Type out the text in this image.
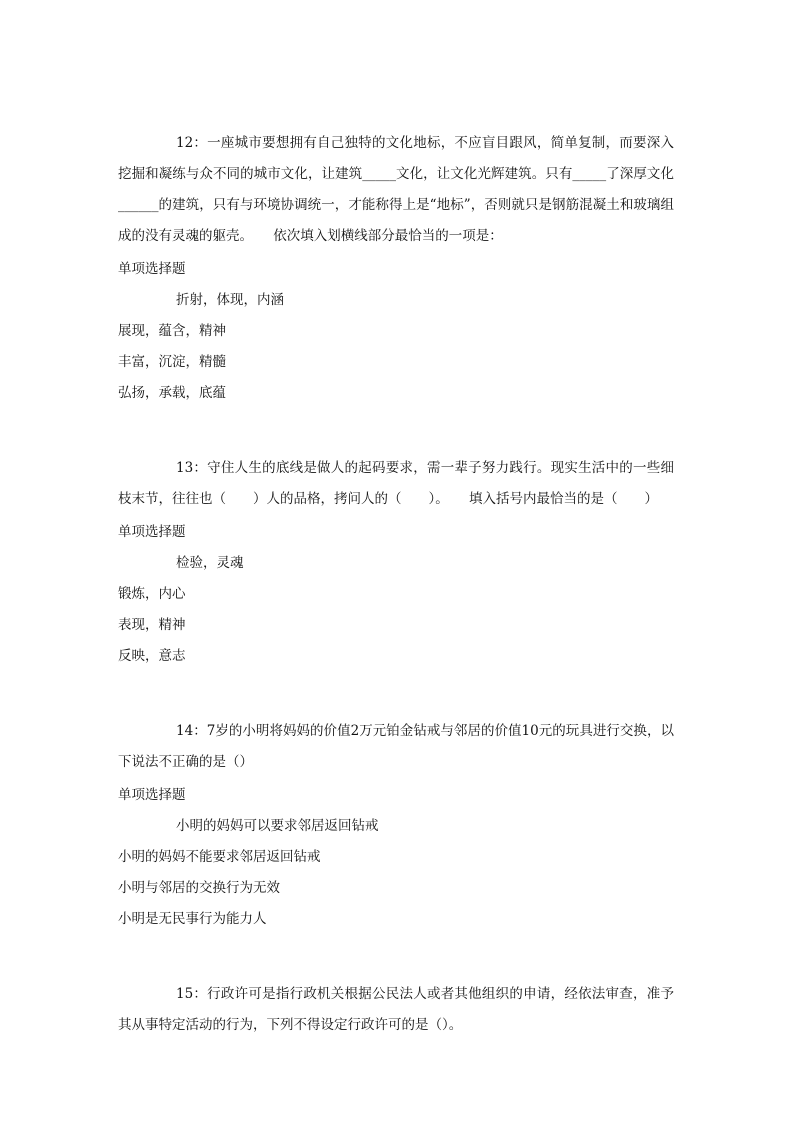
12：一座城市要想拥有自己独特的文化地标，不应盲目跟风，简单复制，而要深入挖掘和凝练与众不同的城市文化，让建筑_____文化，让文化光辉建筑。只有_____了深厚文化______的建筑，只有与环境协调统一，才能称得上是“地标”，否则就只是钢筋混凝土和玻璃组成的没有灵魂的躯壳。　　依次填入划横线部分最恰当的一项是：

单项选择题
折射，体现，内涵
展现，蕴含，精神
丰富，沉淀，精髓
弘扬，承载，底蕴

13：守住人生的底线是做人的起码要求，需一辈子努力践行。现实生活中的一些细枝末节，往往也（　　）人的品格，拷问人的（　　）。　　填入括号内最恰当的是（　　）

单项选择题
检验，灵魂
锻炼，内心
表现，精神
反映，意志

14：7岁的小明将妈妈的价值2万元铂金钻戒与邻居的价值10元的玩具进行交换，以下说法不正确的是（）

单项选择题
小明的妈妈可以要求邻居返回钻戒
小明的妈妈不能要求邻居返回钻戒
小明与邻居的交换行为无效
小明是无民事行为能力人

15：行政许可是指行政机关根据公民法人或者其他组织的申请，经依法审查，准予其从事特定活动的行为，下列不得设定行政许可的是（）。
